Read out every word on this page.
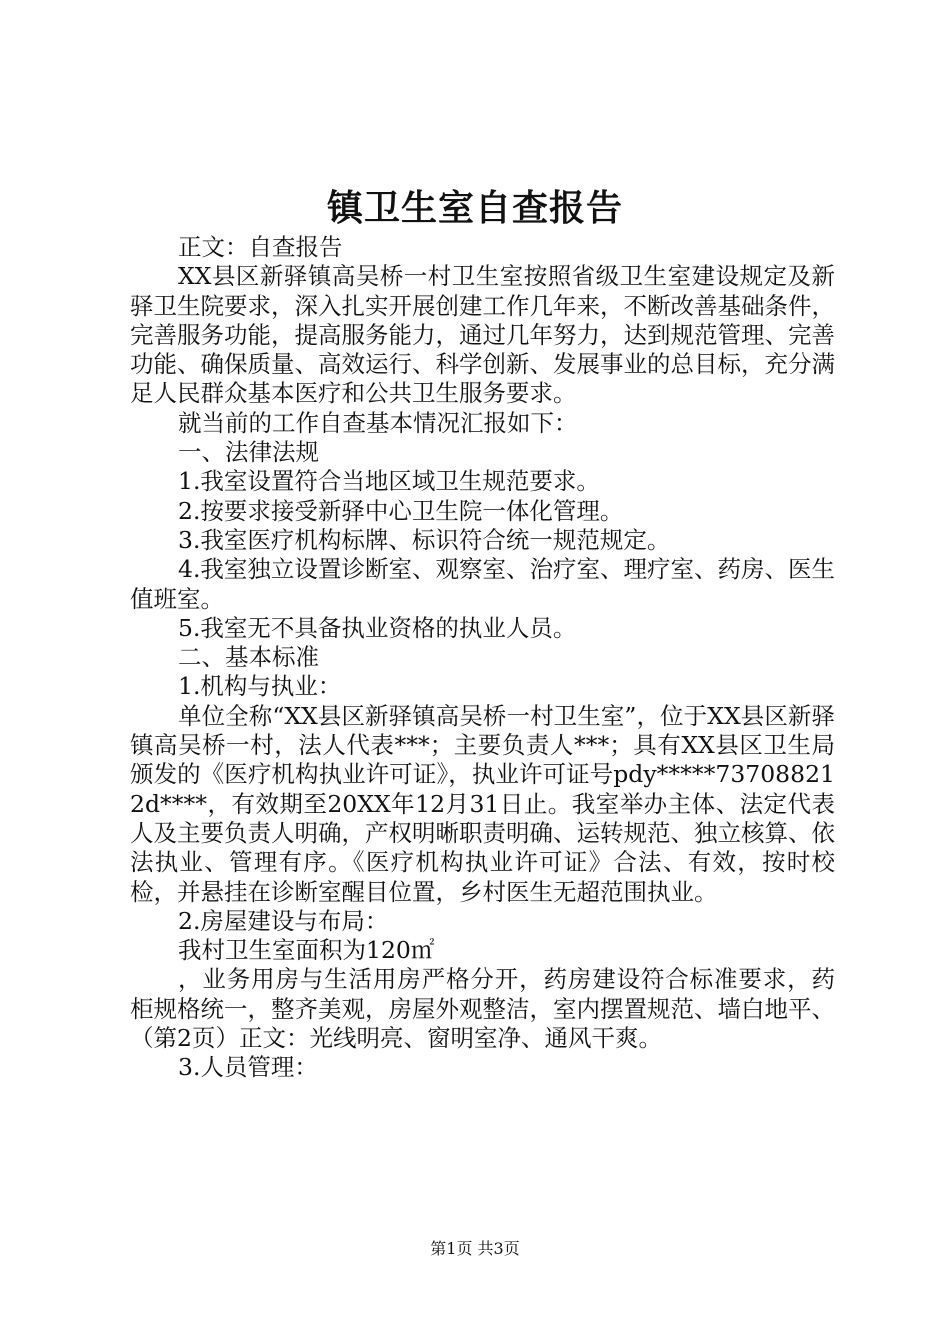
镇卫生室自查报告

正文：自查报告

XX县区新驿镇高吴桥一村卫生室按照省级卫生室建设规定及新驿卫生院要求，深入扎实开展创建工作几年来，不断改善基础条件，完善服务功能，提高服务能力，通过几年努力，达到规范管理、完善功能、确保质量、高效运行、科学创新、发展事业的总目标，充分满足人民群众基本医疗和公共卫生服务要求。

就当前的工作自查基本情况汇报如下：

一、法律法规

1.我室设置符合当地区域卫生规范要求。

2.按要求接受新驿中心卫生院一体化管理。

3.我室医疗机构标牌、标识符合统一规范规定。

4.我室独立设置诊断室、观察室、治疗室、理疗室、药房、医生值班室。

5.我室无不具备执业资格的执业人员。

二、基本标准

1.机构与执业：

单位全称“XX县区新驿镇高吴桥一村卫生室”，位于XX县区新驿镇高吴桥一村，法人代表***；主要负责人***；具有XX县区卫生局颁发的《医疗机构执业许可证》，执业许可证号pdy*****737088212d****，有效期至20XX年12月31日止。我室举办主体、法定代表人及主要负责人明确，产权明晰职责明确、运转规范、独立核算、依法执业、管理有序。《医疗机构执业许可证》合法、有效，按时校检，并悬挂在诊断室醒目位置，乡村医生无超范围执业。

2.房屋建设与布局：

我村卫生室面积为120㎡

，业务用房与生活用房严格分开，药房建设符合标准要求，药柜规格统一，整齐美观，房屋外观整洁，室内摆置规范、墙白地平、（第2页）正文：光线明亮、窗明室净、通风干爽。

3.人员管理：

第1页 共3页
